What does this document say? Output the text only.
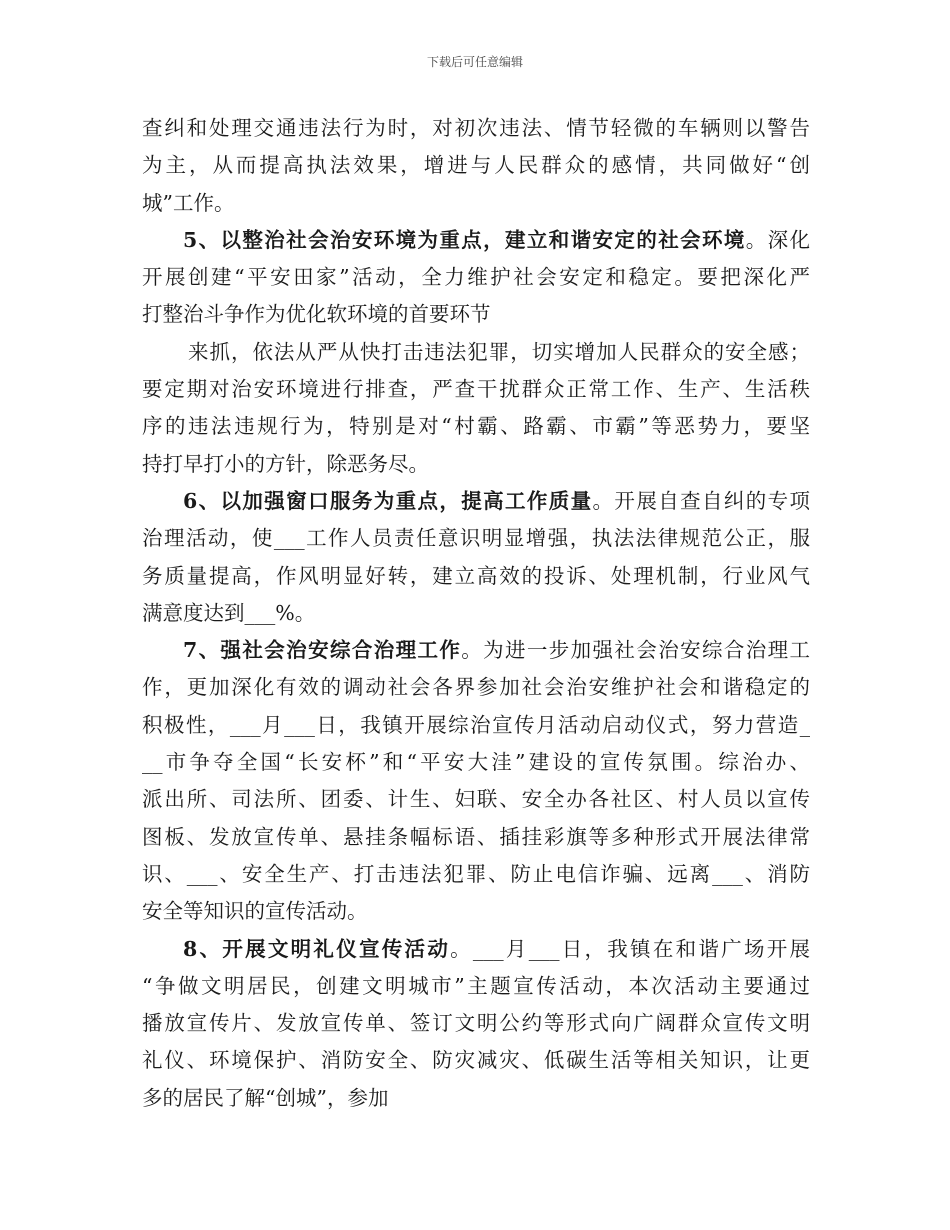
下载后可任意编辑
查纠和处理交通违法行为时，对初次违法、情节轻微的车辆则以警告
为主，从而提高执法效果，增进与人民群众的感情，共同做好“创
城”工作。
5、以整治社会治安环境为重点，建立和谐安定的社会环境。深化
开展创建“平安田家”活动，全力维护社会安定和稳定。要把深化严
打整治斗争作为优化软环境的首要环节
来抓，依法从严从快打击违法犯罪，切实增加人民群众的安全感；
要定期对治安环境进行排查，严查干扰群众正常工作、生产、生活秩
序的违法违规行为，特别是对“村霸、路霸、市霸”等恶势力，要坚
持打早打小的方针，除恶务尽。
6、以加强窗口服务为重点，提高工作质量。开展自查自纠的专项
治理活动，使___工作人员责任意识明显增强，执法法律规范公正，服
务质量提高，作风明显好转，建立高效的投诉、处理机制，行业风气
满意度达到___%。
7、强社会治安综合治理工作。为进一步加强社会治安综合治理工
作，更加深化有效的调动社会各界参加社会治安维护社会和谐稳定的
积极性，___月___日，我镇开展综治宣传月活动启动仪式，努力营造_
__市争夺全国“长安杯”和“平安大洼”建设的宣传氛围。综治办、
派出所、司法所、团委、计生、妇联、安全办各社区、村人员以宣传
图板、发放宣传单、悬挂条幅标语、插挂彩旗等多种形式开展法律常
识、___、安全生产、打击违法犯罪、防止电信诈骗、远离___、消防
安全等知识的宣传活动。
8、开展文明礼仪宣传活动。___月___日，我镇在和谐广场开展
“争做文明居民，创建文明城市”主题宣传活动，本次活动主要通过
播放宣传片、发放宣传单、签订文明公约等形式向广阔群众宣传文明
礼仪、环境保护、消防安全、防灾减灾、低碳生活等相关知识，让更
多的居民了解“创城”，参加
